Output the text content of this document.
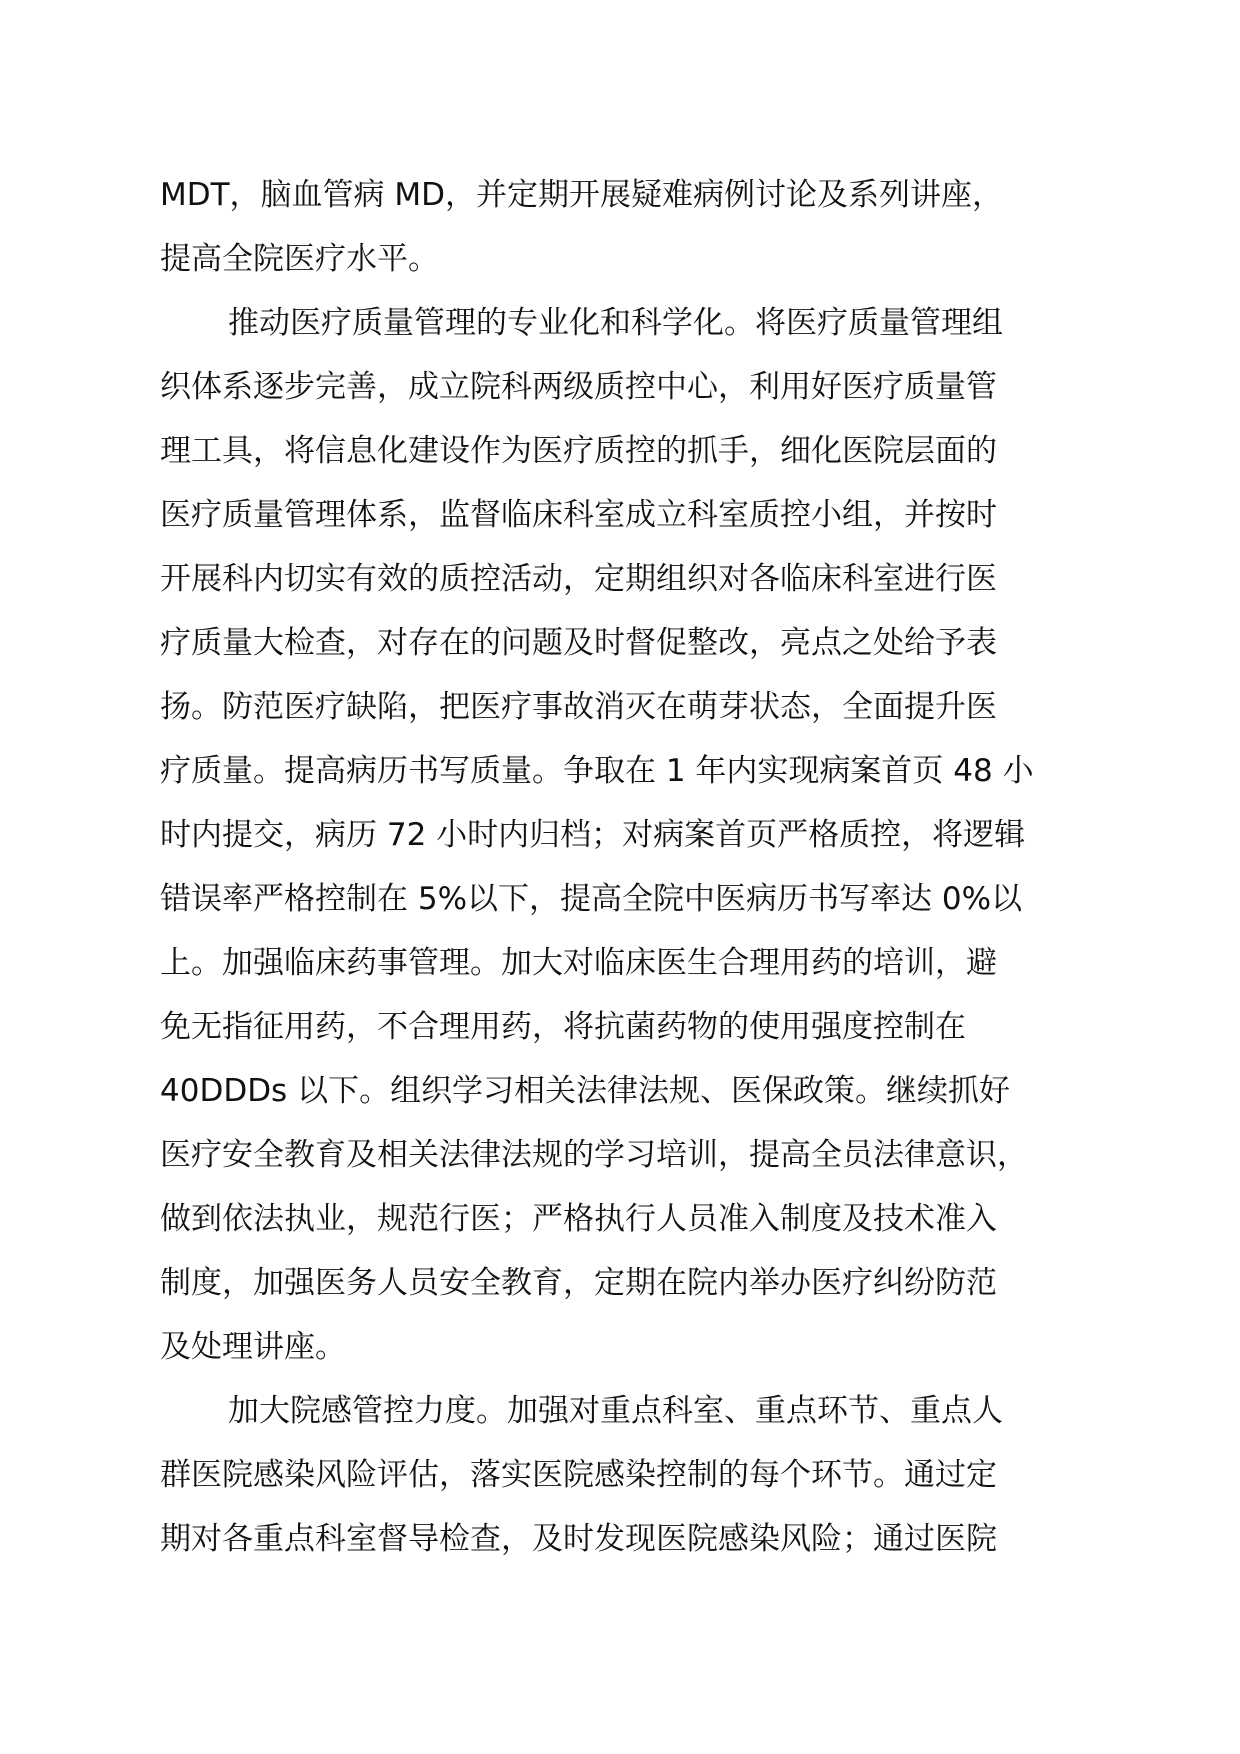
MDT，脑血管病 MD，并定期开展疑难病例讨论及系列讲座，
提高全院医疗水平。
推动医疗质量管理的专业化和科学化。将医疗质量管理组
织体系逐步完善，成立院科两级质控中心，利用好医疗质量管
理工具，将信息化建设作为医疗质控的抓手，细化医院层面的
医疗质量管理体系，监督临床科室成立科室质控小组，并按时
开展科内切实有效的质控活动，定期组织对各临床科室进行医
疗质量大检查，对存在的问题及时督促整改，亮点之处给予表
扬。防范医疗缺陷，把医疗事故消灭在萌芽状态，全面提升医
疗质量。提高病历书写质量。争取在 1 年内实现病案首页 48 小
时内提交，病历 72 小时内归档；对病案首页严格质控，将逻辑
错误率严格控制在 5%以下，提高全院中医病历书写率达 0%以
上。加强临床药事管理。加大对临床医生合理用药的培训，避
免无指征用药，不合理用药，将抗菌药物的使用强度控制在
40DDDs 以下。组织学习相关法律法规、医保政策。继续抓好
医疗安全教育及相关法律法规的学习培训，提高全员法律意识，
做到依法执业，规范行医；严格执行人员准入制度及技术准入
制度，加强医务人员安全教育，定期在院内举办医疗纠纷防范
及处理讲座。
加大院感管控力度。加强对重点科室、重点环节、重点人
群医院感染风险评估，落实医院感染控制的每个环节。通过定
期对各重点科室督导检查，及时发现医院感染风险；通过医院
